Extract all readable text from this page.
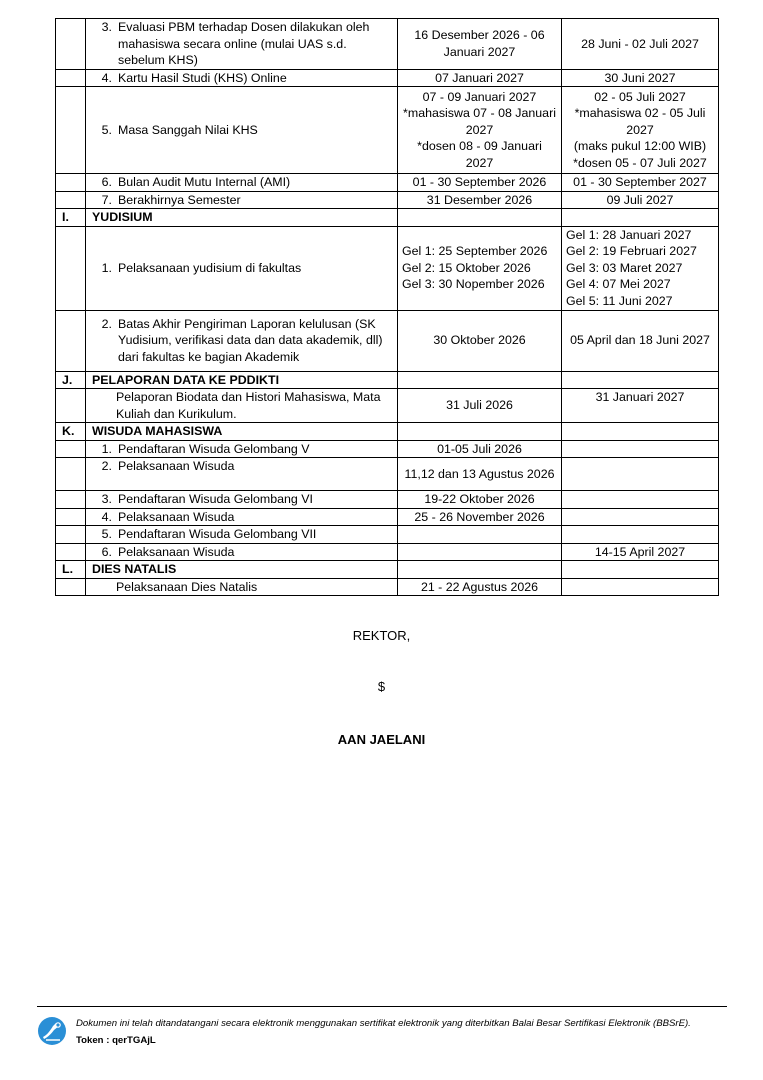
	3. Evaluasi PBM terhadap Dosen dilakukan oleh mahasiswa secara online (mulai UAS s.d. sebelum KHS)	16 Desember 2026 - 06 Januari 2027	28 Juni - 02 Juli 2027

	4. Kartu Hasil Studi (KHS) Online	07 Januari 2027	30 Juni 2027

	5. Masa Sanggah Nilai KHS	07 - 09 Januari 2027
*mahasiswa 07 - 08 Januari 2027
*dosen 08 - 09 Januari 2027	02 - 05 Juli 2027
*mahasiswa 02 - 05 Juli 2027
(maks pukul 12:00 WIB)
*dosen 05 - 07 Juli 2027

	6. Bulan Audit Mutu Internal (AMI)	01 - 30 September 2026	01 - 30 September 2027

	7. Berakhirnya Semester	31 Desember 2026	09 Juli 2027
I.	YUDISIUM		

	1. Pelaksanaan yudisium di fakultas	Gel 1: 25 September 2026 Gel 2: 15 Oktober 2026
Gel 3: 30 Nopember 2026	Gel 1: 28 Januari 2027
Gel 2: 19 Februari 2027
Gel 3: 03 Maret 2027
Gel 4: 07 Mei 2027
Gel 5: 11 Juni 2027

	2. Batas Akhir Pengiriman Laporan kelulusan (SK Yudisium, verifikasi data dan data akademik, dll) dari fakultas ke bagian Akademik	30 Oktober 2026	05 April dan 18 Juni 2027
J.	PELAPORAN DATA KE PDDIKTI		
	Pelaporan Biodata dan Histori Mahasiswa, Mata Kuliah dan Kurikulum.	31 Juli 2026	31 Januari 2027
K.	WISUDA MAHASISWA		

	1. Pendaftaran Wisuda Gelombang V	01-05 Juli 2026	

	2. Pelaksanaan Wisuda	11,12 dan 13 Agustus 2026	

	3. Pendaftaran Wisuda Gelombang VI	19-22 Oktober 2026	

	4. Pelaksanaan Wisuda	25 - 26 November 2026	

	5. Pendaftaran Wisuda Gelombang VII		

	6. Pelaksanaan Wisuda		14-15 April 2027
L.	DIES NATALIS		
	Pelaksanaan Dies Natalis	21 - 22 Agustus 2026	
REKTOR,
$
AAN JAELANI
Dokumen ini telah ditandatangani secara elektronik menggunakan sertifikat elektronik yang diterbitkan Balai Besar Sertifikasi Elektronik (BBSrE).
Token : qerTGAjL
